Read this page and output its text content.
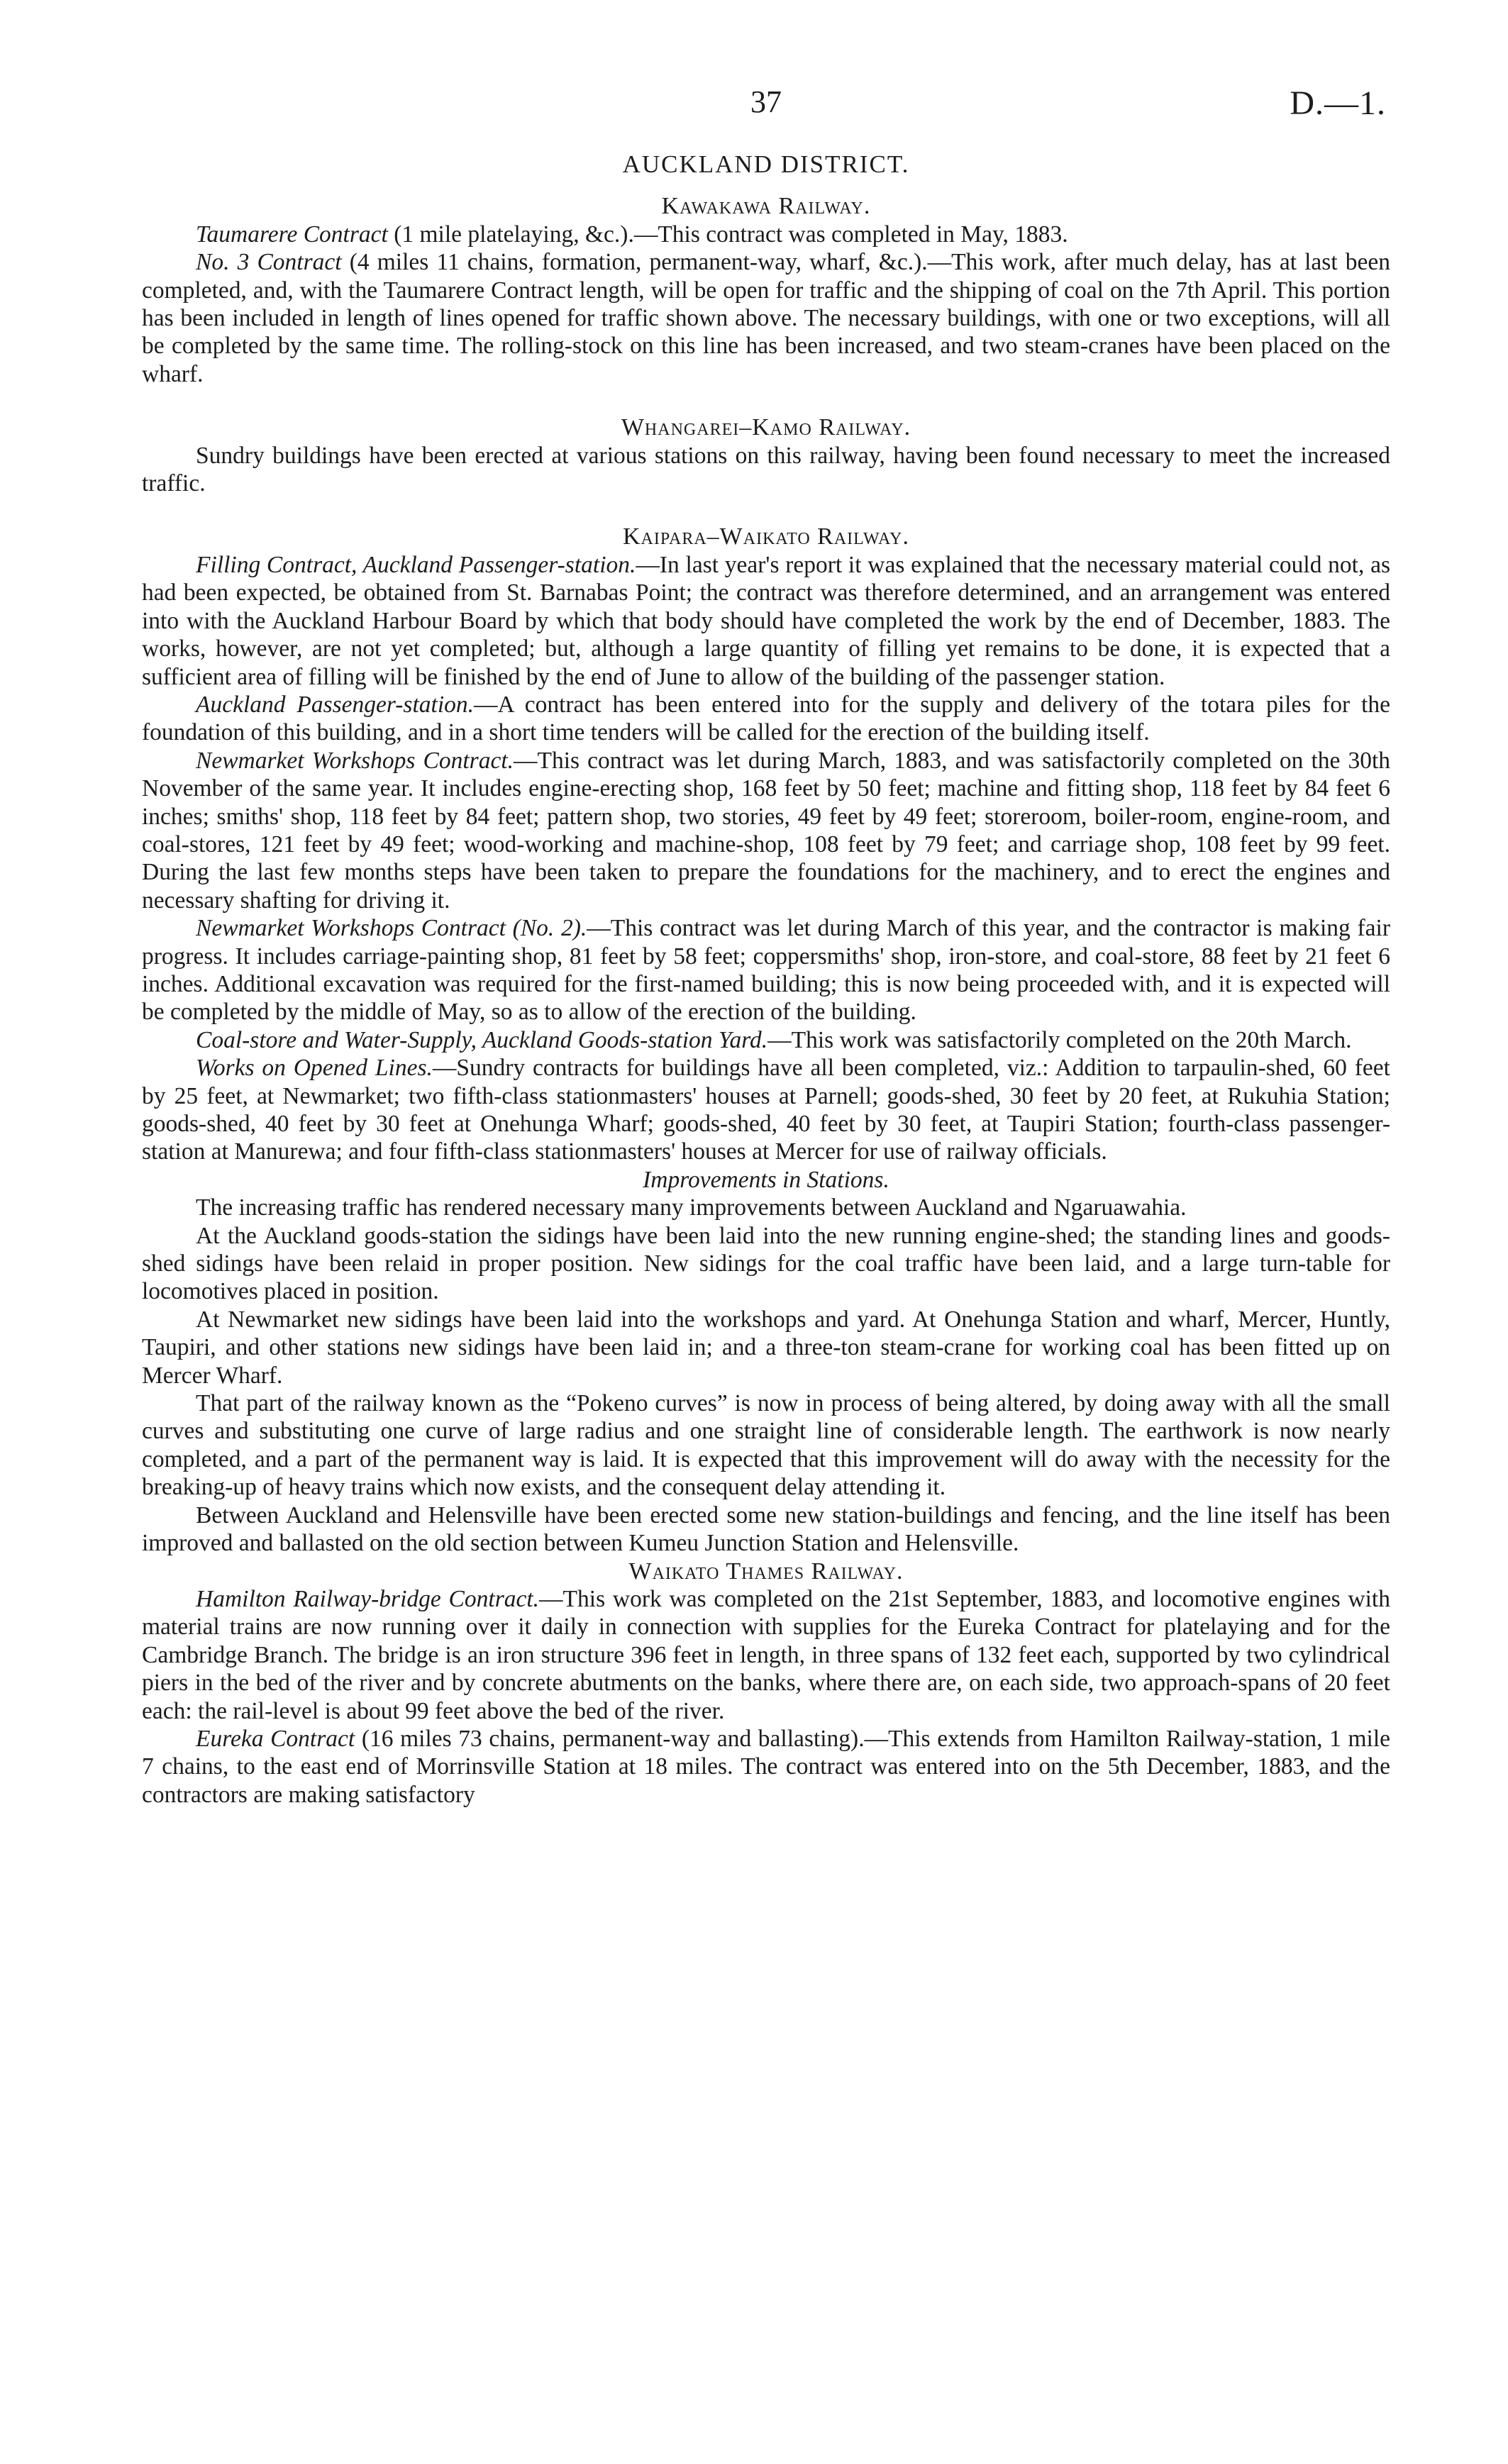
37	D.—1.
AUCKLAND DISTRICT.
Kawakawa Railway.

Taumarere Contract (1 mile platelaying, &c.).—This contract was completed in May, 1883.

No. 3 Contract (4 miles 11 chains, formation, permanent-way, wharf, &c.).—This work, after much delay, has at last been completed, and, with the Taumarere Contract length, will be open for traffic and the shipping of coal on the 7th April. This portion has been included in length of lines opened for traffic shown above. The necessary buildings, with one or two exceptions, will all be completed by the same time. The rolling-stock on this line has been increased, and two steam-cranes have been placed on the wharf.

Whangarei–Kamo Railway.

Sundry buildings have been erected at various stations on this railway, having been found necessary to meet the increased traffic.

Kaipara–Waikato Railway.

Filling Contract, Auckland Passenger-station.—In last year's report it was explained that the necessary material could not, as had been expected, be obtained from St. Barnabas Point; the contract was therefore determined, and an arrangement was entered into with the Auckland Harbour Board by which that body should have completed the work by the end of December, 1883. The works, however, are not yet completed; but, although a large quantity of filling yet remains to be done, it is expected that a sufficient area of filling will be finished by the end of June to allow of the building of the passenger station.

Auckland Passenger-station.—A contract has been entered into for the supply and delivery of the totara piles for the foundation of this building, and in a short time tenders will be called for the erection of the building itself.

Newmarket Workshops Contract.—This contract was let during March, 1883, and was satisfactorily completed on the 30th November of the same year. It includes engine-erecting shop, 168 feet by 50 feet; machine and fitting shop, 118 feet by 84 feet 6 inches; smiths' shop, 118 feet by 84 feet; pattern shop, two stories, 49 feet by 49 feet; storeroom, boiler-room, engine-room, and coal-stores, 121 feet by 49 feet; wood-working and machine-shop, 108 feet by 79 feet; and carriage shop, 108 feet by 99 feet. During the last few months steps have been taken to prepare the foundations for the machinery, and to erect the engines and necessary shafting for driving it.

Newmarket Workshops Contract (No. 2).—This contract was let during March of this year, and the contractor is making fair progress. It includes carriage-painting shop, 81 feet by 58 feet; coppersmiths' shop, iron-store, and coal-store, 88 feet by 21 feet 6 inches. Additional excavation was required for the first-named building; this is now being proceeded with, and it is expected will be completed by the middle of May, so as to allow of the erection of the building.

Coal-store and Water-Supply, Auckland Goods-station Yard.—This work was satisfactorily completed on the 20th March.

Works on Opened Lines.—Sundry contracts for buildings have all been completed, viz.: Addition to tarpaulin-shed, 60 feet by 25 feet, at Newmarket; two fifth-class stationmasters' houses at Parnell; goods-shed, 30 feet by 20 feet, at Rukuhia Station; goods-shed, 40 feet by 30 feet at Onehunga Wharf; goods-shed, 40 feet by 30 feet, at Taupiri Station; fourth-class passenger-station at Manurewa; and four fifth-class stationmasters' houses at Mercer for use of railway officials.

Improvements in Stations.

The increasing traffic has rendered necessary many improvements between Auckland and Ngaruawahia.

At the Auckland goods-station the sidings have been laid into the new running engine-shed; the standing lines and goods-shed sidings have been relaid in proper position. New sidings for the coal traffic have been laid, and a large turn-table for locomotives placed in position.

At Newmarket new sidings have been laid into the workshops and yard. At Onehunga Station and wharf, Mercer, Huntly, Taupiri, and other stations new sidings have been laid in; and a three-ton steam-crane for working coal has been fitted up on Mercer Wharf.

That part of the railway known as the “Pokeno curves” is now in process of being altered, by doing away with all the small curves and substituting one curve of large radius and one straight line of considerable length. The earthwork is now nearly completed, and a part of the permanent way is laid. It is expected that this improvement will do away with the necessity for the breaking-up of heavy trains which now exists, and the consequent delay attending it.

Between Auckland and Helensville have been erected some new station-buildings and fencing, and the line itself has been improved and ballasted on the old section between Kumeu Junction Station and Helensville.

Waikato Thames Railway.

Hamilton Railway-bridge Contract.—This work was completed on the 21st September, 1883, and locomotive engines with material trains are now running over it daily in connection with supplies for the Eureka Contract for platelaying and for the Cambridge Branch. The bridge is an iron structure 396 feet in length, in three spans of 132 feet each, supported by two cylindrical piers in the bed of the river and by concrete abutments on the banks, where there are, on each side, two approach-spans of 20 feet each: the rail-level is about 99 feet above the bed of the river.

Eureka Contract (16 miles 73 chains, permanent-way and ballasting).—This extends from Hamilton Railway-station, 1 mile 7 chains, to the east end of Morrinsville Station at 18 miles. The contract was entered into on the 5th December, 1883, and the contractors are making satisfactory
